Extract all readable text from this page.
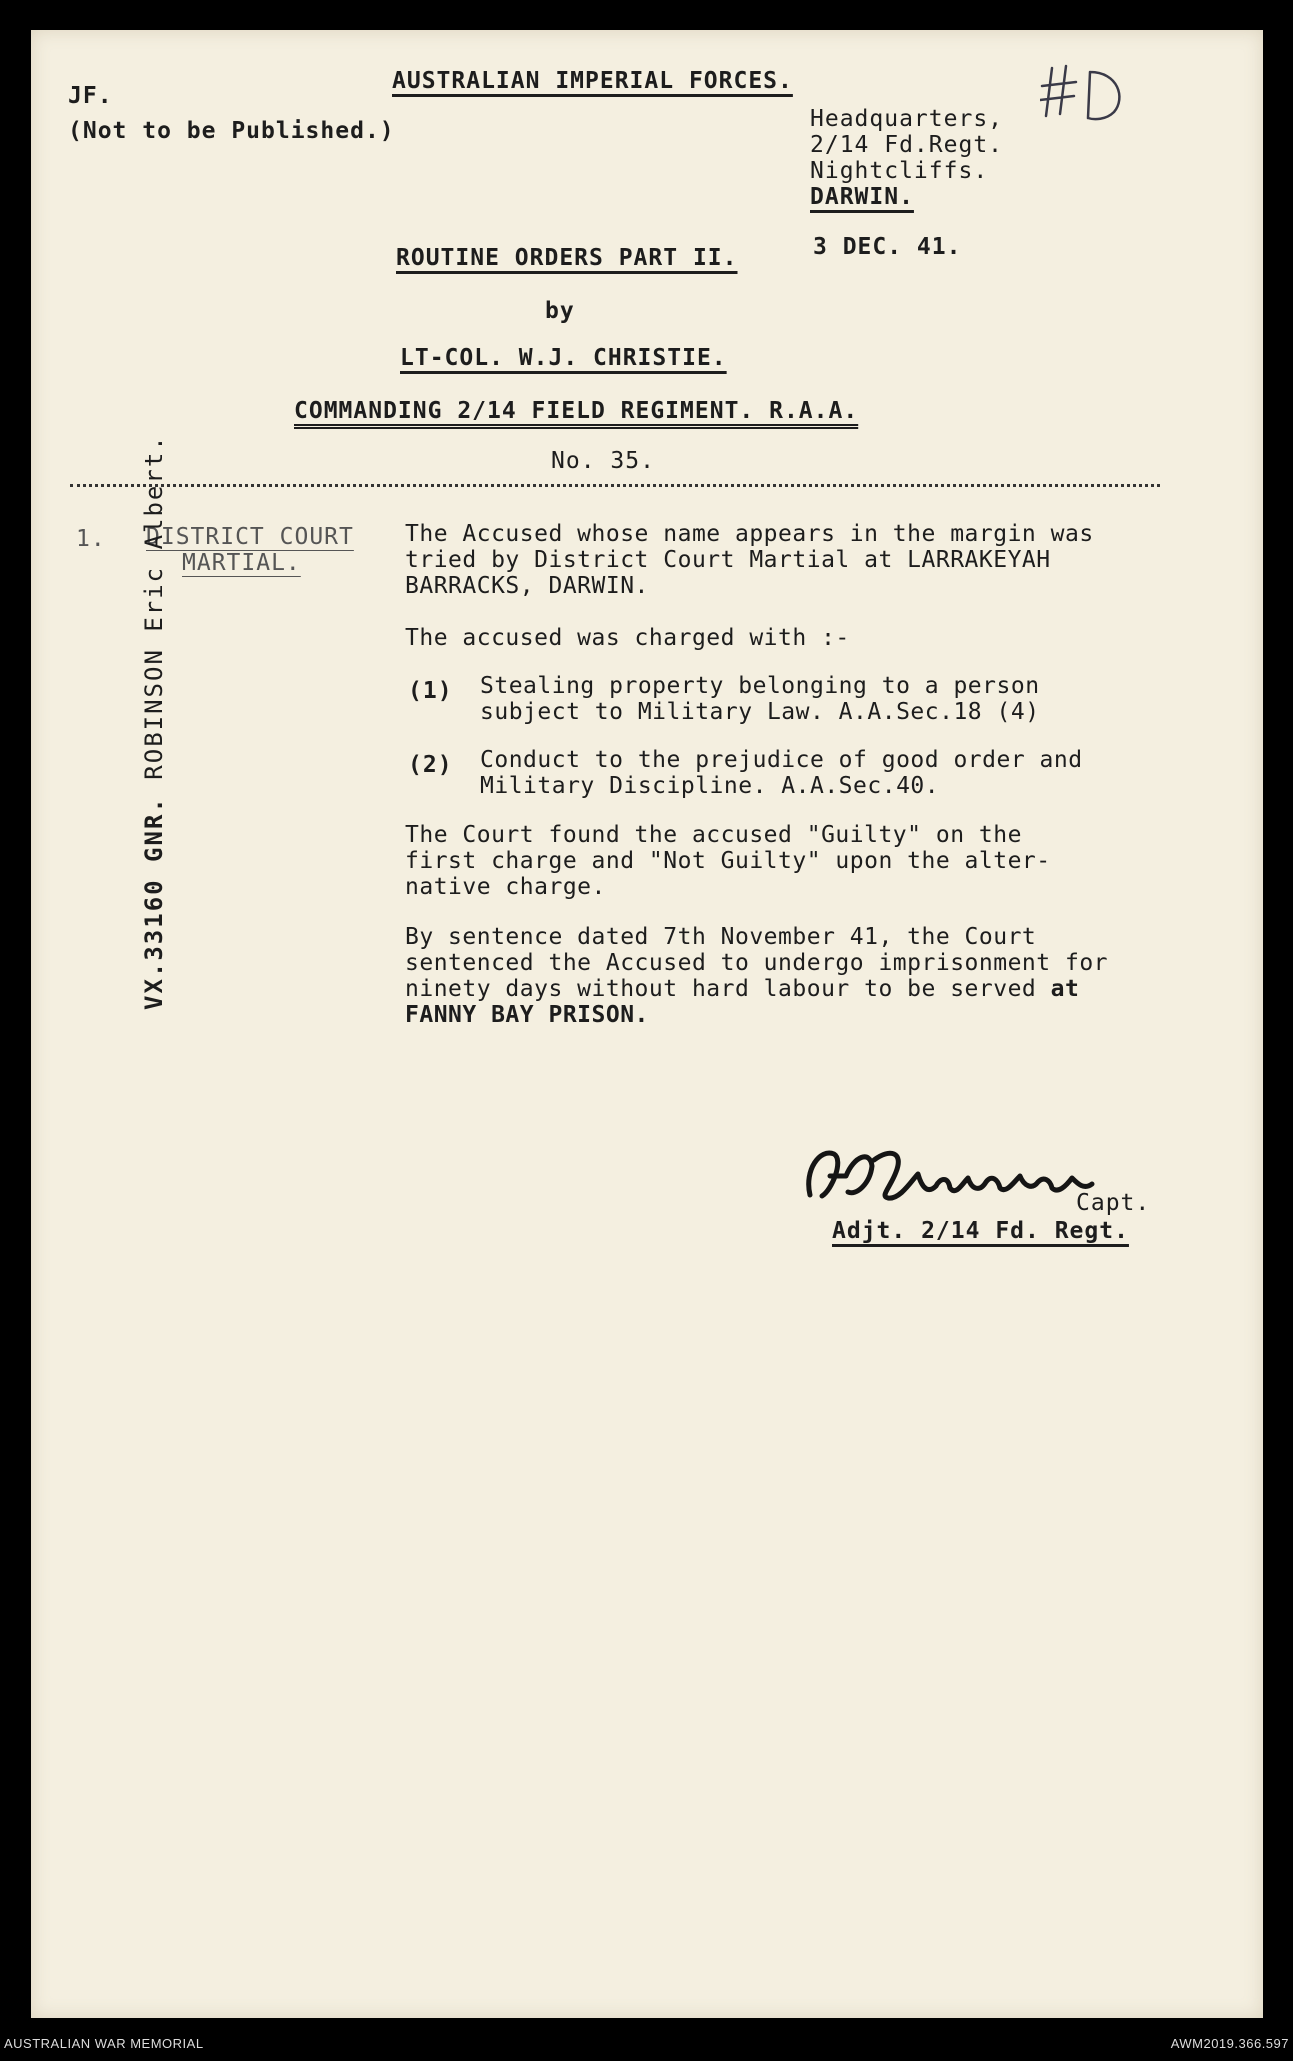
JF.
(Not to be Published.)
AUSTRALIAN IMPERIAL FORCES.
Headquarters,
2/14 Fd.Regt.
Nightcliffs.
DARWIN.
3 DEC. 41.
ROUTINE ORDERS PART II.
by
LT-COL. W.J. CHRISTIE.
COMMANDING 2/14 FIELD REGIMENT. R.A.A.
No. 35.
1. DISTRICT COURT
MARTIAL.
The Accused whose name appears in the margin was tried by District Court Martial at LARRAKEYAH BARRACKS, DARWIN.
The accused was charged with :-
(1) Stealing property belonging to a person subject to Military Law. A.A.Sec.18 (4)
(2) Conduct to the prejudice of good order and Military Discipline. A.A.Sec.40.
The Court found the accused "Guilty" on the first charge and "Not Guilty" upon the alter- native charge.
By sentence dated 7th November 41, the Court sentenced the Accused to undergo imprisonment for ninety days without hard labour to be served at FANNY BAY PRISON.
VX.33160 GNR. ROBINSON Eric Albert.
Capt.
Adjt. 2/14 Fd. Regt.
AUSTRALIAN WAR MEMORIAL	AWM2019.366.597
